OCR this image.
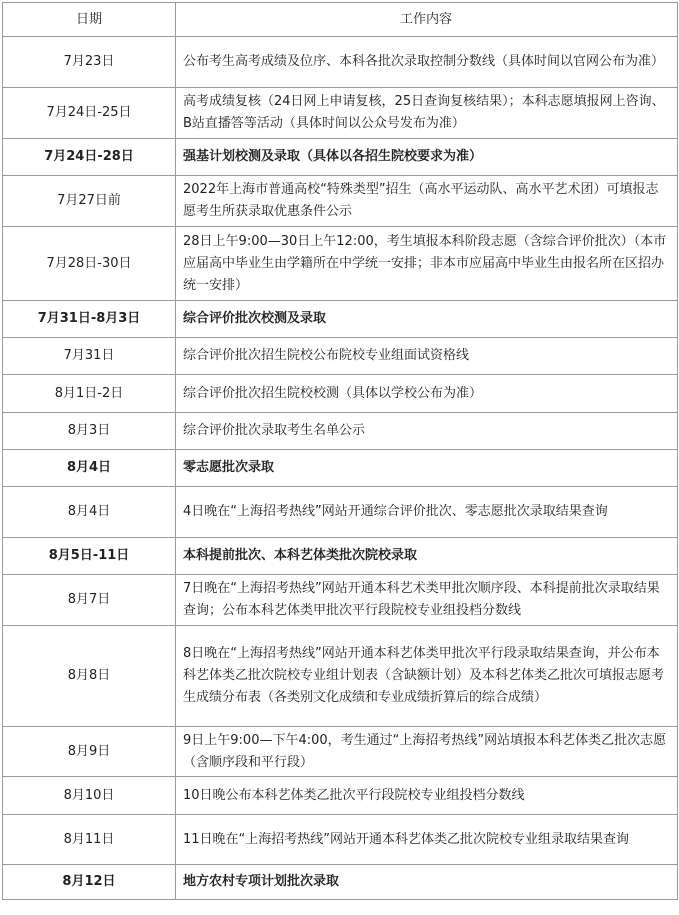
日期	工作内容
7月23日	公布考生高考成绩及位序、本科各批次录取控制分数线（具体时间以官网公布为准）
7月24日-25日	高考成绩复核（24日网上申请复核，25日查询复核结果）；本科志愿填报网上咨询、B站直播答等活动（具体时间以公众号发布为准）
7月24日-28日	强基计划校测及录取（具体以各招生院校要求为准）
7月27日前	2022年上海市普通高校“特殊类型”招生（高水平运动队、高水平艺术团）可填报志愿考生所获录取优惠条件公示
7月28日-30日	28日上午9:00—30日上午12:00，考生填报本科阶段志愿（含综合评价批次）（本市应届高中毕业生由学籍所在中学统一安排；非本市应届高中毕业生由报名所在区招办统一安排）
7月31日-8月3日	综合评价批次校测及录取
7月31日	综合评价批次招生院校公布院校专业组面试资格线
8月1日-2日	综合评价批次招生院校校测（具体以学校公布为准）
8月3日	综合评价批次录取考生名单公示
8月4日	零志愿批次录取
8月4日	4日晚在“上海招考热线”网站开通综合评价批次、零志愿批次录取结果查询
8月5日-11日	本科提前批次、本科艺体类批次院校录取
8月7日	7日晚在“上海招考热线”网站开通本科艺术类甲批次顺序段、本科提前批次录取结果查询；公布本科艺体类甲批次平行段院校专业组投档分数线
8月8日	8日晚在“上海招考热线”网站开通本科艺体类甲批次平行段录取结果查询，并公布本科艺体类乙批次院校专业组计划表（含缺额计划）及本科艺体类乙批次可填报志愿考生成绩分布表（各类别文化成绩和专业成绩折算后的综合成绩）
8月9日	9日上午9:00—下午4:00，考生通过“上海招考热线”网站填报本科艺体类乙批次志愿（含顺序段和平行段）
8月10日	10日晚公布本科艺体类乙批次平行段院校专业组投档分数线
8月11日	11日晚在“上海招考热线”网站开通本科艺体类乙批次院校专业组录取结果查询
8月12日	地方农村专项计划批次录取
